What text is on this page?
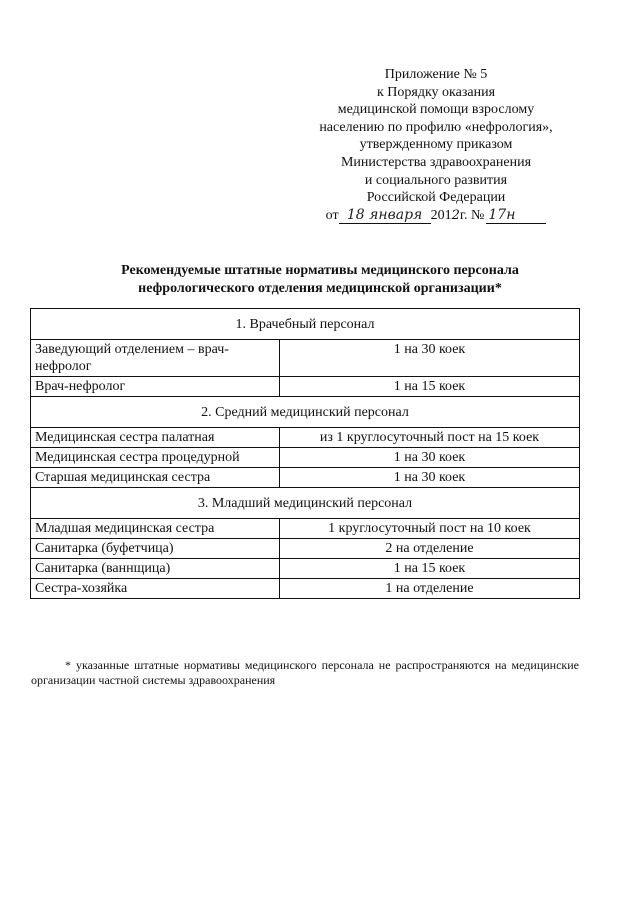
Приложение № 5
к Порядку оказания
медицинской помощи взрослому
населению по профилю «нефрология»,
утвержденному приказом
Министерства здравоохранения
и социального развития
Российской Федерации
от 18 января 2012г. № 17н
Рекомендуемые штатные нормативы медицинского персонала
нефрологического отделения медицинской организации*
1. Врачебный персонал	
Заведующий отделением – врач-нефролог	1 на 30 коек
Врач-нефролог	1 на 15 коек
2. Средний медицинский персонал	
Медицинская сестра палатная	из 1 круглосуточный пост на 15 коек
Медицинская сестра процедурной	1 на 30 коек
Старшая медицинская сестра	1 на 30 коек
3. Младший медицинский персонал	
Младшая медицинская сестра	1 круглосуточный пост на 10 коек
Санитарка (буфетчица)	2 на отделение
Санитарка (ваннщица)	1 на 15 коек
Сестра-хозяйка	1 на отделение
* указанные штатные нормативы медицинского персонала не распространяются на медицинские организации частной системы здравоохранения
